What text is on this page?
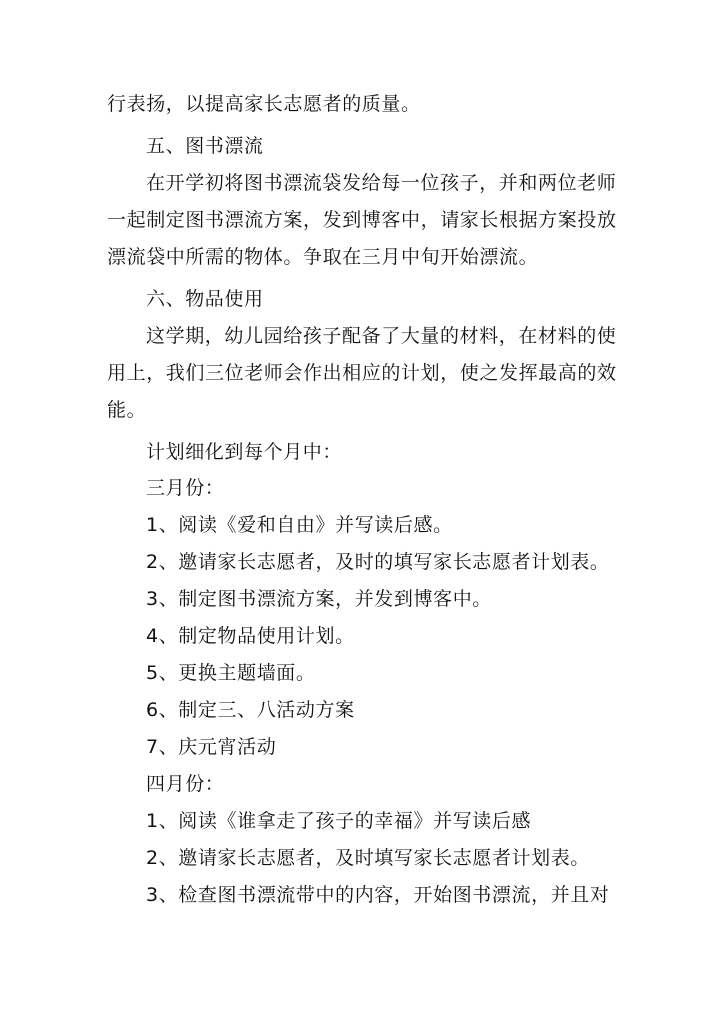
行表扬，以提高家长志愿者的质量。
五、图书漂流
在开学初将图书漂流袋发给每一位孩子，并和两位老师
一起制定图书漂流方案，发到博客中，请家长根据方案投放
漂流袋中所需的物体。争取在三月中旬开始漂流。
六、物品使用
这学期，幼儿园给孩子配备了大量的材料，在材料的使
用上，我们三位老师会作出相应的计划，使之发挥最高的效
能。
计划细化到每个月中：
三月份：
1、阅读《爱和自由》并写读后感。
2、邀请家长志愿者，及时的填写家长志愿者计划表。
3、制定图书漂流方案，并发到博客中。
4、制定物品使用计划。
5、更换主题墙面。
6、制定三、八活动方案
7、庆元宵活动
四月份：
1、阅读《谁拿走了孩子的幸福》并写读后感
2、邀请家长志愿者，及时填写家长志愿者计划表。
3、检查图书漂流带中的内容，开始图书漂流，并且对
